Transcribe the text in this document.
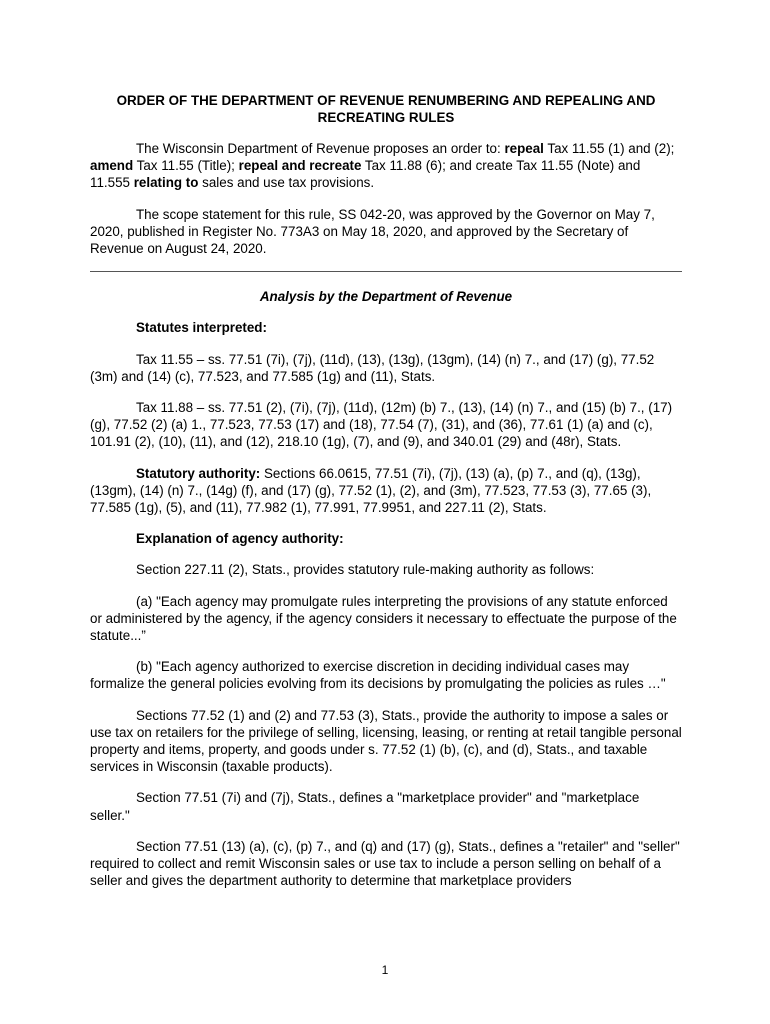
ORDER OF THE DEPARTMENT OF REVENUE RENUMBERING AND REPEALING AND
RECREATING RULES

The Wisconsin Department of Revenue proposes an order to: repeal Tax 11.55 (1) and (2); amend Tax 11.55 (Title); repeal and recreate Tax 11.88 (6); and create Tax 11.55 (Note) and 11.555 relating to sales and use tax provisions.

The scope statement for this rule, SS 042-20, was approved by the Governor on May 7, 2020, published in Register No. 773A3 on May 18, 2020, and approved by the Secretary of Revenue on August 24, 2020.

Analysis by the Department of Revenue
Statutes interpreted:

Tax 11.55 – ss. 77.51 (7i), (7j), (11d), (13), (13g), (13gm), (14) (n) 7., and (17) (g), 77.52 (3m) and (14) (c), 77.523, and 77.585 (1g) and (11), Stats.

Tax 11.88 – ss. 77.51 (2), (7i), (7j), (11d), (12m) (b) 7., (13), (14) (n) 7., and (15) (b) 7., (17) (g), 77.52 (2) (a) 1., 77.523, 77.53 (17) and (18), 77.54 (7), (31), and (36), 77.61 (1) (a) and (c), 101.91 (2), (10), (11), and (12), 218.10 (1g), (7), and (9), and 340.01 (29) and (48r), Stats.

Statutory authority: Sections 66.0615, 77.51 (7i), (7j), (13) (a), (p) 7., and (q), (13g), (13gm), (14) (n) 7., (14g) (f), and (17) (g), 77.52 (1), (2), and (3m), 77.523, 77.53 (3), 77.65 (3), 77.585 (1g), (5), and (11), 77.982 (1), 77.991, 77.9951, and 227.11 (2), Stats.

Explanation of agency authority:

Section 227.11 (2), Stats., provides statutory rule-making authority as follows:

(a) "Each agency may promulgate rules interpreting the provisions of any statute enforced or administered by the agency, if the agency considers it necessary to effectuate the purpose of the statute...”

(b) "Each agency authorized to exercise discretion in deciding individual cases may formalize the general policies evolving from its decisions by promulgating the policies as rules …"

Sections 77.52 (1) and (2) and 77.53 (3), Stats., provide the authority to impose a sales or use tax on retailers for the privilege of selling, licensing, leasing, or renting at retail tangible personal property and items, property, and goods under s. 77.52 (1) (b), (c), and (d), Stats., and taxable services in Wisconsin (taxable products).

Section 77.51 (7i) and (7j), Stats., defines a "marketplace provider" and "marketplace seller."

Section 77.51 (13) (a), (c), (p) 7., and (q) and (17) (g), Stats., defines a "retailer" and "seller" required to collect and remit Wisconsin sales or use tax to include a person selling on behalf of a seller and gives the department authority to determine that marketplace providers

1
